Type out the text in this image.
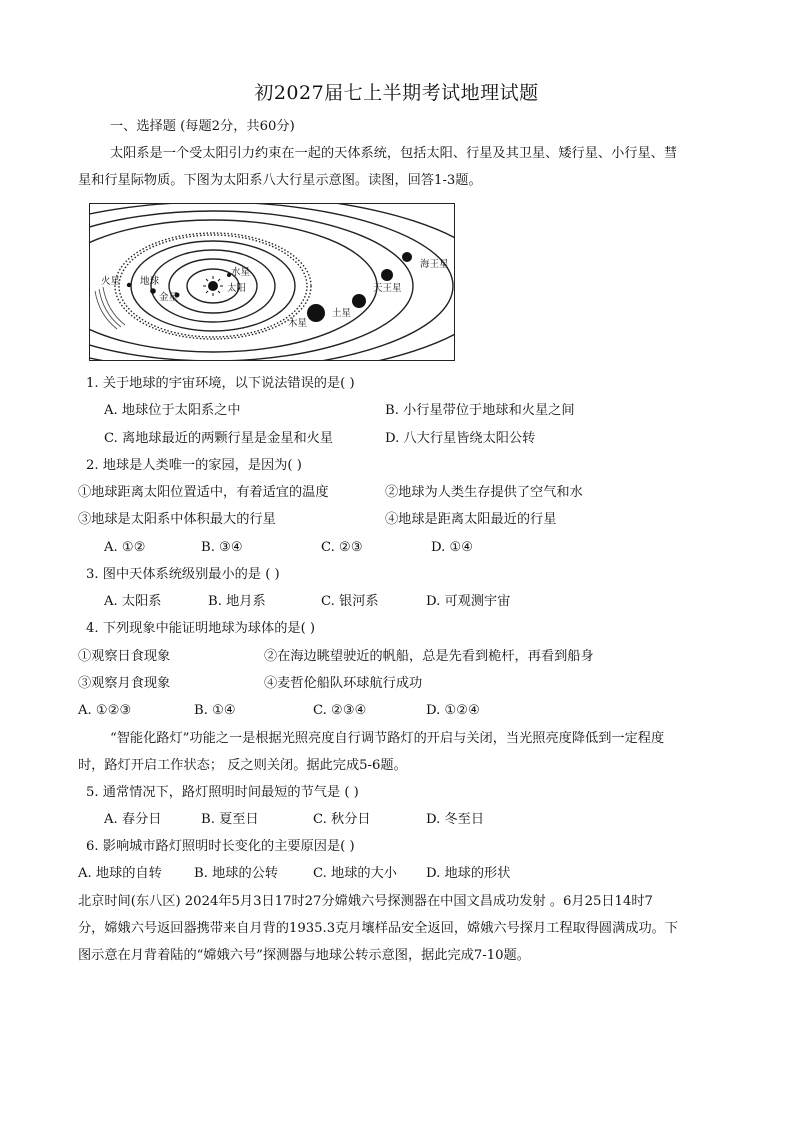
初2027届七上半期考试地理试题
一、选择题 (每题2分，共60分)
太阳系是一个受太阳引力约束在一起的天体系统，包括太阳、行星及其卫星、矮行星、小行星、彗
星和行星际物质。下图为太阳系八大行星示意图。读图，回答1-3题。
火星 地球
水星
金星
太阳
木星
土星
天王星
海王星
1. 关于地球的宇宙环境，以下说法错误的是( )
A. 地球位于太阳系之中	B. 小行星带位于地球和火星之间
C. 离地球最近的两颗行星是金星和火星	D. 八大行星皆绕太阳公转
2. 地球是人类唯一的家园，是因为( )
①地球距离太阳位置适中，有着适宜的温度	②地球为人类生存提供了空气和水
③地球是太阳系中体积最大的行星	④地球是距离太阳最近的行星
A. ①②	B. ③④	C. ②③	D. ①④
3. 图中天体系统级别最小的是 ( )
A. 太阳系	B. 地月系	C. 银河系	D. 可观测宇宙
4. 下列现象中能证明地球为球体的是( )
①观察日食现象	②在海边眺望驶近的帆船，总是先看到桅杆，再看到船身
③观察月食现象	④麦哲伦船队环球航行成功
A. ①②③	B. ①④	C. ②③④	D. ①②④
“智能化路灯”功能之一是根据光照亮度自行调节路灯的开启与关闭，当光照亮度降低到一定程度
时，路灯开启工作状态； 反之则关闭。据此完成5-6题。
5. 通常情况下，路灯照明时间最短的节气是 ( )
A. 春分日	B. 夏至日	C. 秋分日	D. 冬至日
6. 影响城市路灯照明时长变化的主要原因是( )
A. 地球的自转 B. 地球的公转	C. 地球的大小 D. 地球的形状
北京时间(东八区) 2024年5月3日17时27分嫦娥六号探测器在中国文昌成功发射 。6月25日14时7
分，嫦娥六号返回器携带来自月背的1935.3克月壤样品安全返回，嫦娥六号探月工程取得圆满成功。下
图示意在月背着陆的“嫦娥六号”探测器与地球公转示意图，据此完成7-10题。
